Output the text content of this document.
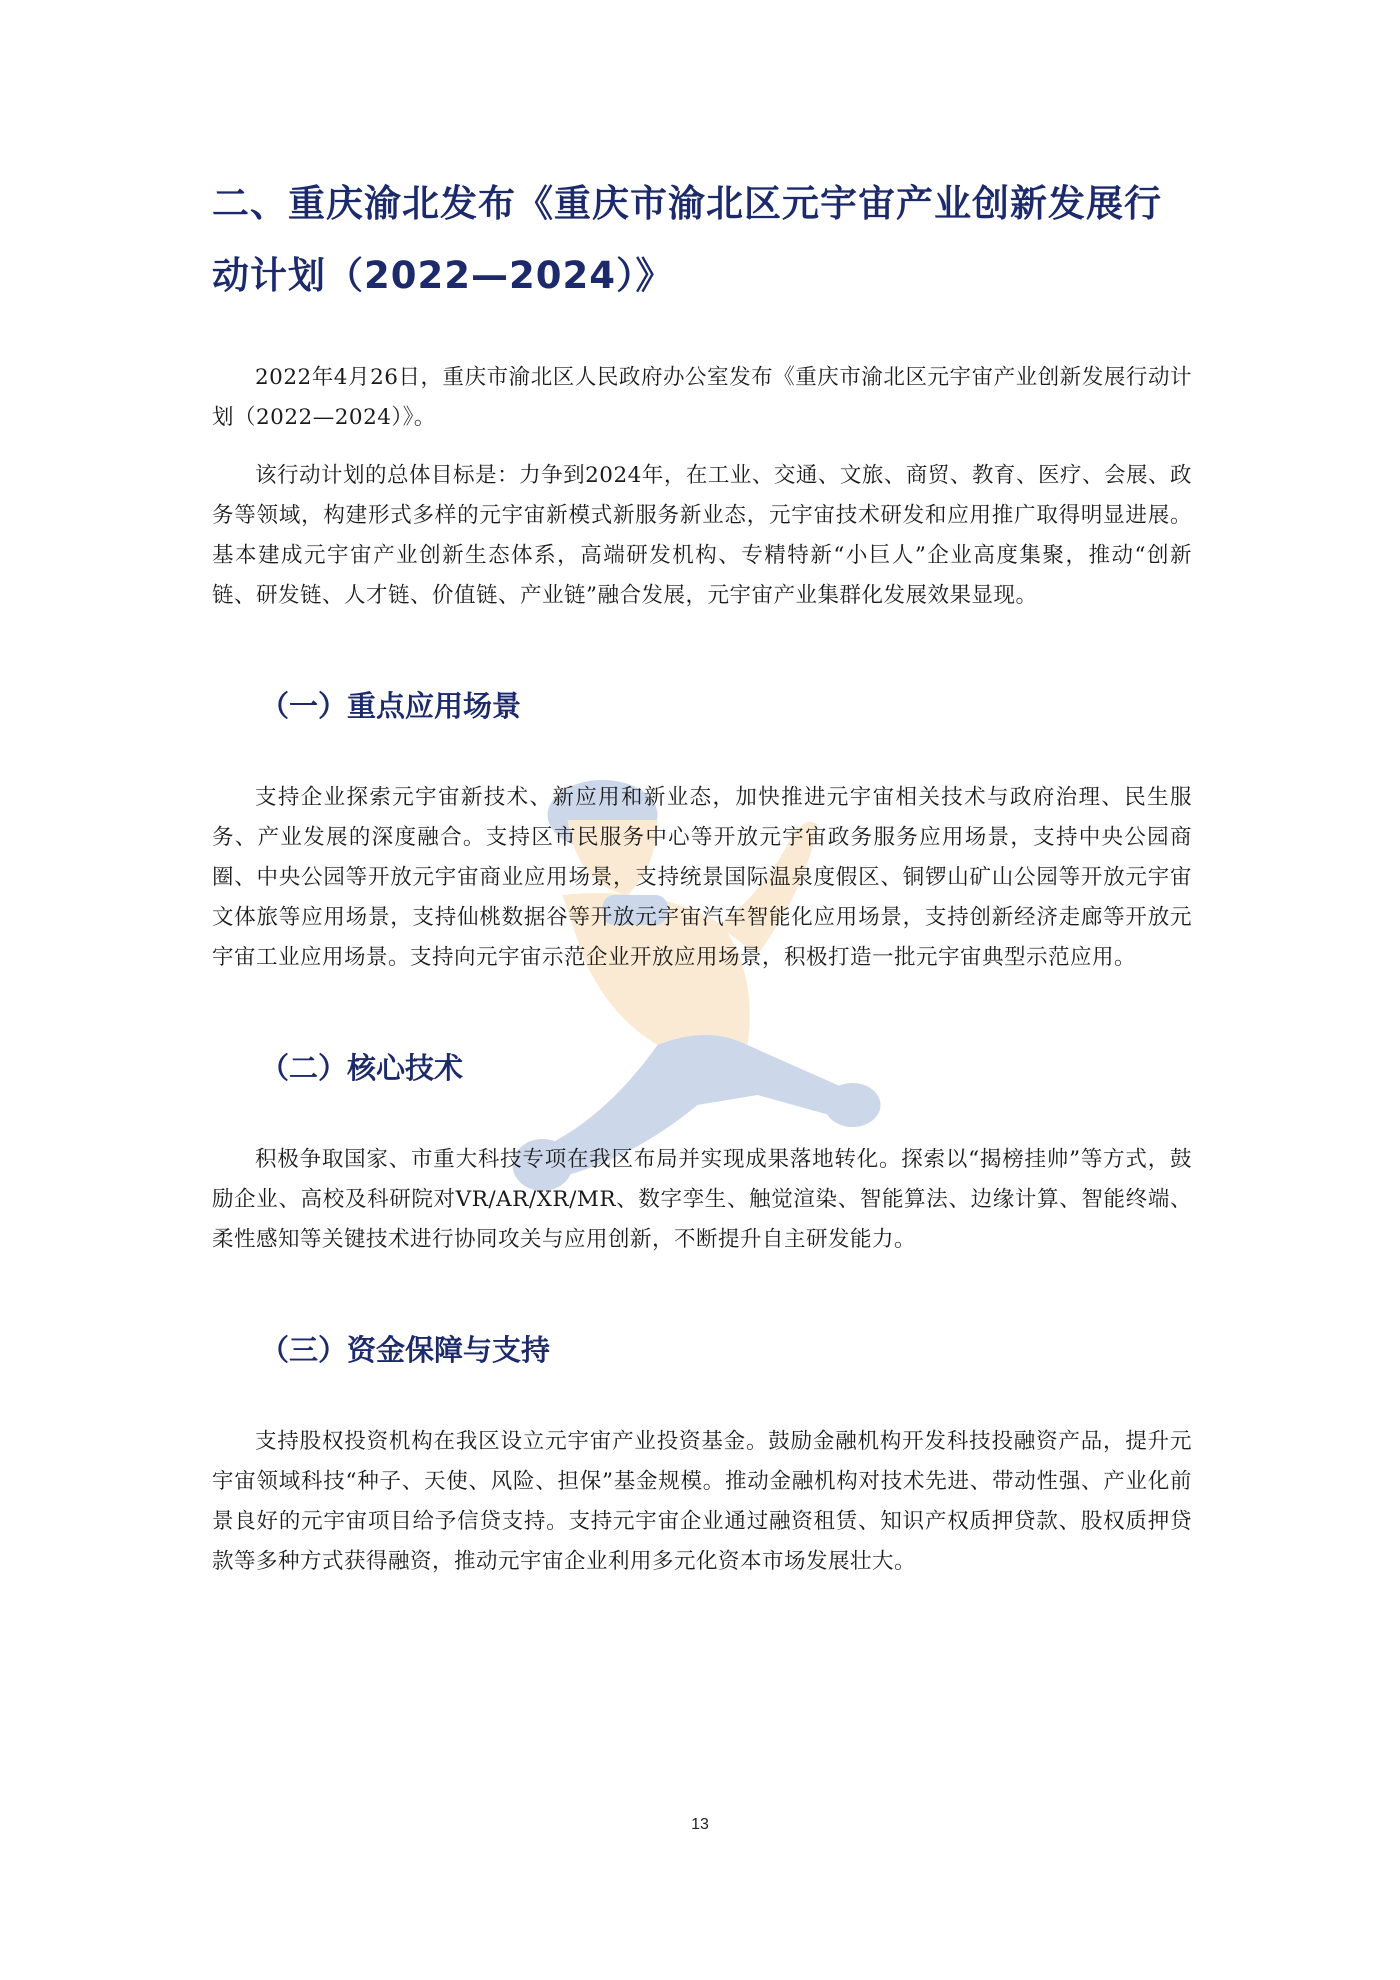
二、重庆渝北发布《重庆市渝北区元宇宙产业创新发展行动计划（2022—2024）》

2022年4月26日，重庆市渝北区人民政府办公室发布《重庆市渝北区元宇宙产业创新发展行动计划（2022—2024）》。

该行动计划的总体目标是：力争到2024年，在工业、交通、文旅、商贸、教育、医疗、会展、政务等领域，构建形式多样的元宇宙新模式新服务新业态，元宇宙技术研发和应用推广取得明显进展。基本建成元宇宙产业创新生态体系，高端研发机构、专精特新“小巨人”企业高度集聚，推动“创新链、研发链、人才链、价值链、产业链”融合发展，元宇宙产业集群化发展效果显现。

（一）重点应用场景

支持企业探索元宇宙新技术、新应用和新业态，加快推进元宇宙相关技术与政府治理、民生服务、产业发展的深度融合。支持区市民服务中心等开放元宇宙政务服务应用场景，支持中央公园商圈、中央公园等开放元宇宙商业应用场景，支持统景国际温泉度假区、铜锣山矿山公园等开放元宇宙文体旅等应用场景，支持仙桃数据谷等开放元宇宙汽车智能化应用场景，支持创新经济走廊等开放元宇宙工业应用场景。支持向元宇宙示范企业开放应用场景，积极打造一批元宇宙典型示范应用。

（二）核心技术

积极争取国家、市重大科技专项在我区布局并实现成果落地转化。探索以“揭榜挂帅”等方式，鼓励企业、高校及科研院对VR/AR/XR/MR、数字孪生、触觉渲染、智能算法、边缘计算、智能终端、柔性感知等关键技术进行协同攻关与应用创新，不断提升自主研发能力。

（三）资金保障与支持

支持股权投资机构在我区设立元宇宙产业投资基金。鼓励金融机构开发科技投融资产品，提升元宇宙领域科技“种子、天使、风险、担保”基金规模。推动金融机构对技术先进、带动性强、产业化前景良好的元宇宙项目给予信贷支持。支持元宇宙企业通过融资租赁、知识产权质押贷款、股权质押贷款等多种方式获得融资，推动元宇宙企业利用多元化资本市场发展壮大。

13
